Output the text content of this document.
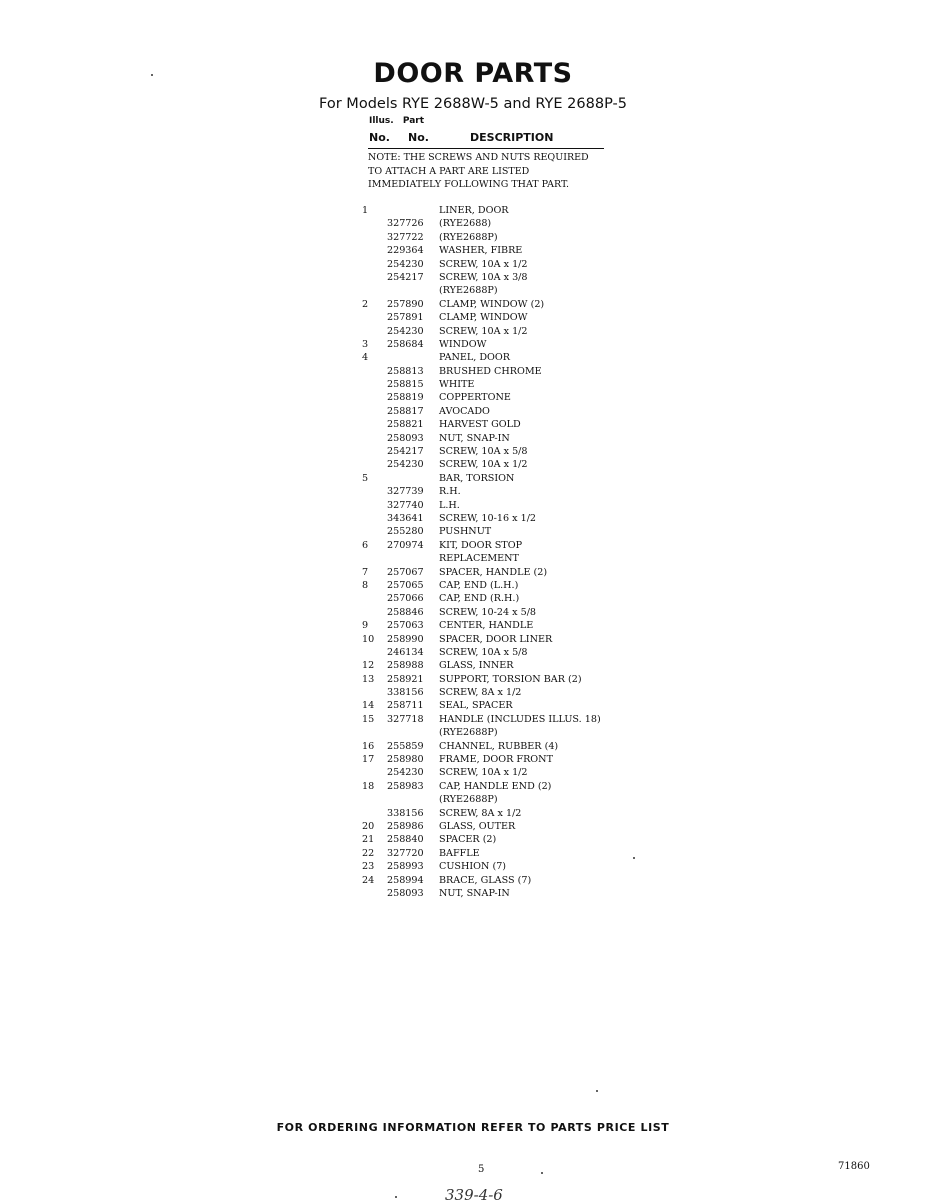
DOOR PARTS
For Models RYE 2688W-5 and RYE 2688P-5
Illus. Part
No. No.	DESCRIPTION
NOTE: THE SCREWS AND NUTS REQUIRED
TO ATTACH A PART ARE LISTED
IMMEDIATELY FOLLOWING THAT PART.
1	LINER, DOOR
327726 (RYE2688)
327722 (RYE2688P)
229364 WASHER, FIBRE
254230 SCREW, 10A x 1/2
254217 SCREW, 10A x 3/8
(RYE2688P)
2	257890 CLAMP, WINDOW (2)
257891 CLAMP, WINDOW
254230 SCREW, 10A x 1/2
3	258684 WINDOW
4	PANEL, DOOR
258813 BRUSHED CHROME
258815 WHITE
258819 COPPERTONE
258817 AVOCADO
258821 HARVEST GOLD
258093 NUT, SNAP-IN
254217 SCREW, 10A x 5/8
254230 SCREW, 10A x 1/2
5	BAR, TORSION
327739 R.H.
327740 L.H.
343641 SCREW, 10-16 x 1/2
255280 PUSHNUT
6	270974 KIT, DOOR STOP
REPLACEMENT
7	257067 SPACER, HANDLE (2)
8	257065 CAP, END (L.H.)
257066 CAP, END (R.H.)
258846 SCREW, 10-24 x 5/8
9	257063 CENTER, HANDLE
10	258990 SPACER, DOOR LINER
246134 SCREW, 10A x 5/8
12	258988 GLASS, INNER
13	258921 SUPPORT, TORSION BAR (2)
338156 SCREW, 8A x 1/2
14	258711 SEAL, SPACER
15	327718 HANDLE (INCLUDES ILLUS. 18)
(RYE2688P)
16	255859 CHANNEL, RUBBER (4)
17	258980 FRAME, DOOR FRONT
254230 SCREW, 10A x 1/2
18	258983 CAP, HANDLE END (2)
(RYE2688P)
338156 SCREW, 8A x 1/2
20	258986 GLASS, OUTER
21	258840 SPACER (2)
22	327720 BAFFLE
23	258993 CUSHION (7)
24	258994 BRACE, GLASS (7)
258093 NUT, SNAP-IN
FOR ORDERING INFORMATION REFER TO PARTS PRICE LIST
5	71860
339-4-6
